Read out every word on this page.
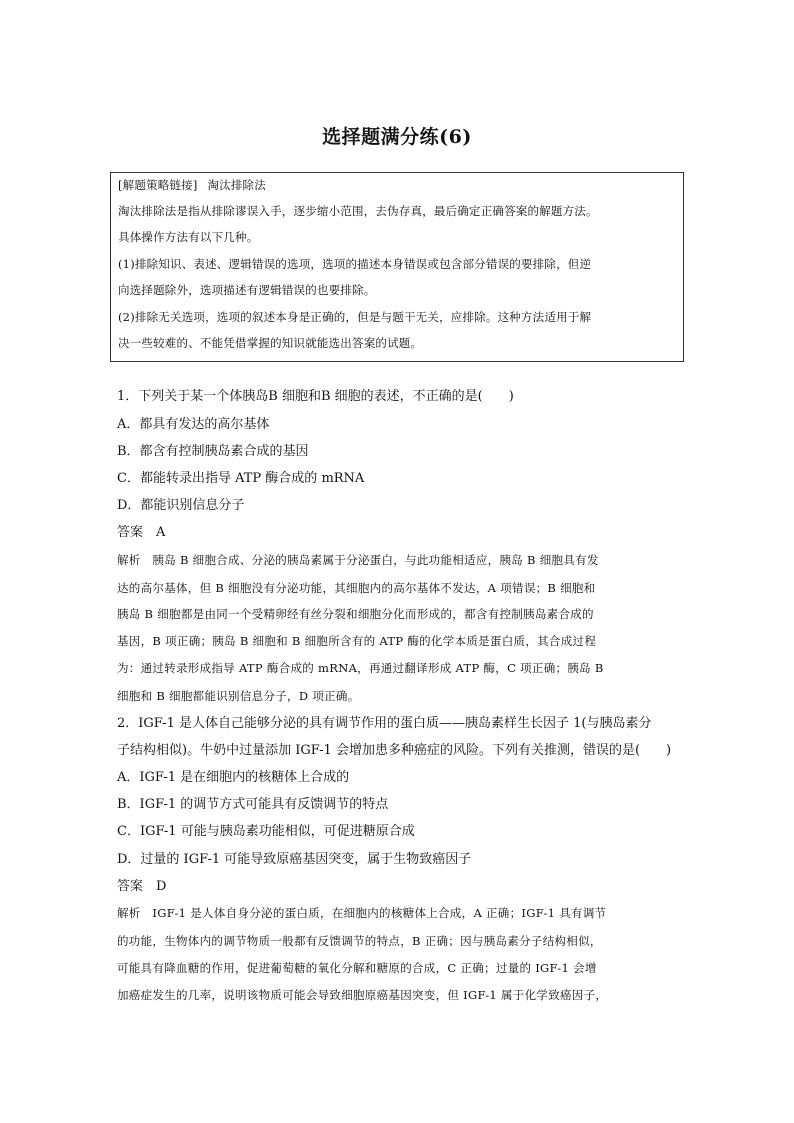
选择题满分练(6)
[解题策略链接] 淘汰排除法
淘汰排除法是指从排除谬误入手，逐步缩小范围，去伪存真，最后确定正确答案的解题方法。
具体操作方法有以下几种。
(1)排除知识、表述、逻辑错误的选项，选项的描述本身错误或包含部分错误的要排除，但逆
向选择题除外，选项描述有逻辑错误的也要排除。
(2)排除无关选项，选项的叙述本身是正确的，但是与题干无关，应排除。这种方法适用于解
决一些较难的、不能凭借掌握的知识就能选出答案的试题。
1．下列关于某一个体胰岛B 细胞和B 细胞的表述，不正确的是(　　)
A．都具有发达的高尔基体
B．都含有控制胰岛素合成的基因
C．都能转录出指导 ATP 酶合成的 mRNA
D．都能识别信息分子
答案　A
解析　胰岛 B 细胞合成、分泌的胰岛素属于分泌蛋白，与此功能相适应，胰岛 B 细胞具有发
达的高尔基体，但 B 细胞没有分泌功能，其细胞内的高尔基体不发达，A 项错误；B 细胞和
胰岛 B 细胞都是由同一个受精卵经有丝分裂和细胞分化而形成的，都含有控制胰岛素合成的
基因，B 项正确；胰岛 B 细胞和 B 细胞所含有的 ATP 酶的化学本质是蛋白质，其合成过程
为：通过转录形成指导 ATP 酶合成的 mRNA，再通过翻译形成 ATP 酶，C 项正确；胰岛 B
细胞和 B 细胞都能识别信息分子，D 项正确。
2．IGF-1 是人体自己能够分泌的具有调节作用的蛋白质——胰岛素样生长因子 1(与胰岛素分
子结构相似)。牛奶中过量添加 IGF-1 会增加患多种癌症的风险。下列有关推测，错误的是(　　)
A．IGF-1 是在细胞内的核糖体上合成的
B．IGF-1 的调节方式可能具有反馈调节的特点
C．IGF-1 可能与胰岛素功能相似，可促进糖原合成
D．过量的 IGF-1 可能导致原癌基因突变，属于生物致癌因子
答案　D
解析　IGF-1 是人体自身分泌的蛋白质，在细胞内的核糖体上合成，A 正确；IGF-1 具有调节
的功能，生物体内的调节物质一般都有反馈调节的特点，B 正确；因与胰岛素分子结构相似，
可能具有降血糖的作用，促进葡萄糖的氧化分解和糖原的合成，C 正确；过量的 IGF-1 会增
加癌症发生的几率，说明该物质可能会导致细胞原癌基因突变，但 IGF-1 属于化学致癌因子，
